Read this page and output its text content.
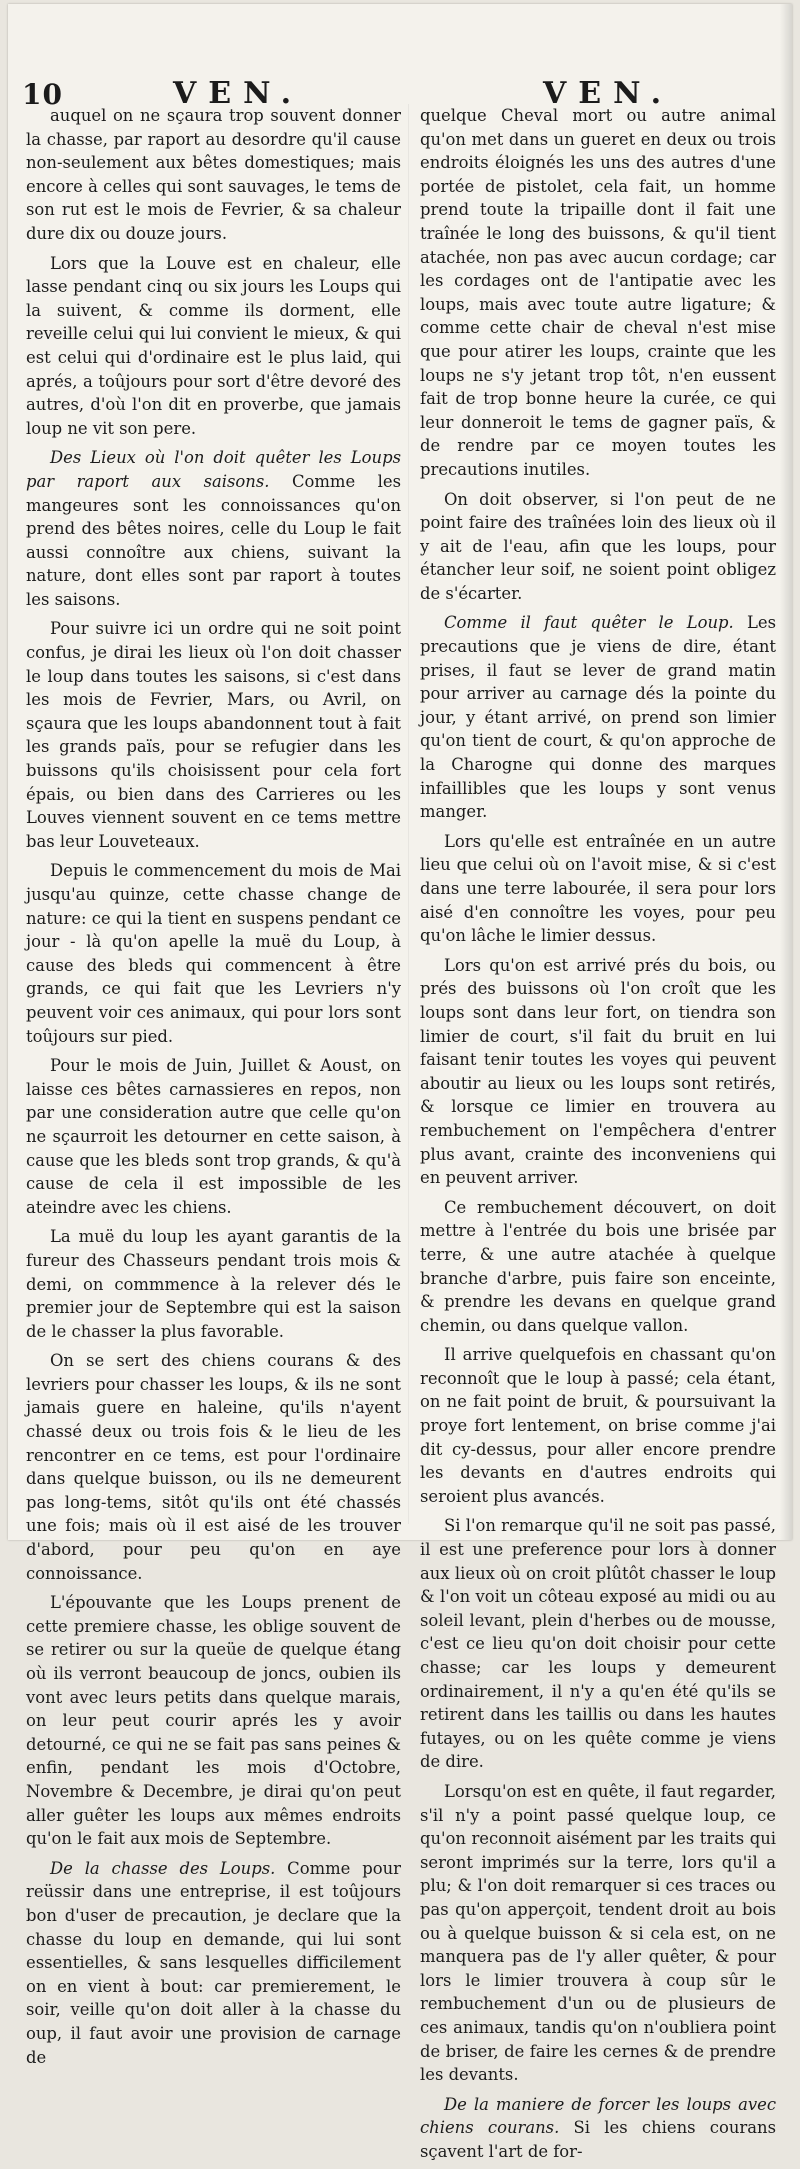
10	VEN.	VEN.

auquel on ne sçaura trop souvent donner la chasse, par raport au desordre qu'il cause non-seulement aux bêtes domestiques; mais encore à celles qui sont sauvages, le tems de son rut est le mois de Fevrier, & sa chaleur dure dix ou douze jours.

Lors que la Louve est en chaleur, elle lasse pendant cinq ou six jours les Loups qui la suivent, & comme ils dorment, elle reveille celui qui lui convient le mieux, & qui est celui qui d'ordinaire est le plus laid, qui aprés, a toûjours pour sort d'être devoré des autres, d'où l'on dit en proverbe, que jamais loup ne vit son pere.

Des Lieux où l'on doit quêter les Loups par raport aux saisons. Comme les mangeures sont les connoissances qu'on prend des bêtes noires, celle du Loup le fait aussi connoître aux chiens, suivant la nature, dont elles sont par raport à toutes les saisons.

Pour suivre ici un ordre qui ne soit point confus, je dirai les lieux où l'on doit chasser le loup dans toutes les saisons, si c'est dans les mois de Fevrier, Mars, ou Avril, on sçaura que les loups abandonnent tout à fait les grands païs, pour se refugier dans les buissons qu'ils choisissent pour cela fort épais, ou bien dans des Carrieres ou les Louves viennent souvent en ce tems mettre bas leur Louveteaux.

Depuis le commencement du mois de Mai jusqu'au quinze, cette chasse change de nature: ce qui la tient en suspens pendant ce jour - là qu'on apelle la muë du Loup, à cause des bleds qui commencent à être grands, ce qui fait que les Levriers n'y peuvent voir ces animaux, qui pour lors sont toûjours sur pied.

Pour le mois de Juin, Juillet & Aoust, on laisse ces bêtes carnassieres en repos, non par une consideration autre que celle qu'on ne sçaurroit les detourner en cette saison, à cause que les bleds sont trop grands, & qu'à cause de cela il est impossible de les ateindre avec les chiens.

La muë du loup les ayant garantis de la fureur des Chasseurs pendant trois mois & demi, on commmence à la relever dés le premier jour de Septembre qui est la saison de le chasser la plus favorable.

On se sert des chiens courans & des levriers pour chasser les loups, & ils ne sont jamais guere en haleine, qu'ils n'ayent chassé deux ou trois fois & le lieu de les rencontrer en ce tems, est pour l'ordinaire dans quelque buisson, ou ils ne demeurent pas long-tems, sitôt qu'ils ont été chassés une fois; mais où il est aisé de les trouver d'abord, pour peu qu'on en aye connoissance.

L'épouvante que les Loups prenent de cette premiere chasse, les oblige souvent de se retirer ou sur la queüe de quelque étang où ils verront beaucoup de joncs, oubien ils vont avec leurs petits dans quelque marais, on leur peut courir aprés les y avoir detourné, ce qui ne se fait pas sans peines & enfin, pendant les mois d'Octobre, Novembre & Decembre, je dirai qu'on peut aller guêter les loups aux mêmes endroits qu'on le fait aux mois de Septembre.

De la chasse des Loups. Comme pour reüssir dans une entreprise, il est toûjours bon d'user de precaution, je declare que la chasse du loup en demande, qui lui sont essentielles, & sans lesquelles difficilement on en vient à bout: car premierement, le soir, veille qu'on doit aller à la chasse du oup, il faut avoir une provision de carnage de

quelque Cheval mort ou autre animal qu'on met dans un gueret en deux ou trois endroits éloignés les uns des autres d'une portée de pistolet, cela fait, un homme prend toute la tripaille dont il fait une traînée le long des buissons, & qu'il tient atachée, non pas avec aucun cordage; car les cordages ont de l'antipatie avec les loups, mais avec toute autre ligature; & comme cette chair de cheval n'est mise que pour atirer les loups, crainte que les loups ne s'y jetant trop tôt, n'en eussent fait de trop bonne heure la curée, ce qui leur donneroit le tems de gagner païs, & de rendre par ce moyen toutes les precautions inutiles.

On doit observer, si l'on peut de ne point faire des traînées loin des lieux où il y ait de l'eau, afin que les loups, pour étancher leur soif, ne soient point obligez de s'écarter.

Comme il faut quêter le Loup. Les precautions que je viens de dire, étant prises, il faut se lever de grand matin pour arriver au carnage dés la pointe du jour, y étant arrivé, on prend son limier qu'on tient de court, & qu'on approche de la Charogne qui donne des marques infaillibles que les loups y sont venus manger.

Lors qu'elle est entraînée en un autre lieu que celui où on l'avoit mise, & si c'est dans une terre labourée, il sera pour lors aisé d'en connoître les voyes, pour peu qu'on lâche le limier dessus.

Lors qu'on est arrivé prés du bois, ou prés des buissons où l'on croît que les loups sont dans leur fort, on tiendra son limier de court, s'il fait du bruit en lui faisant tenir toutes les voyes qui peuvent aboutir au lieux ou les loups sont retirés, & lorsque ce limier en trouvera au rembuchement on l'empêchera d'entrer plus avant, crainte des inconveniens qui en peuvent arriver.

Ce rembuchement découvert, on doit mettre à l'entrée du bois une brisée par terre, & une autre atachée à quelque branche d'arbre, puis faire son enceinte, & prendre les devans en quelque grand chemin, ou dans quelque vallon.

Il arrive quelquefois en chassant qu'on reconnoît que le loup à passé; cela étant, on ne fait point de bruit, & poursuivant la proye fort lentement, on brise comme j'ai dit cy-dessus, pour aller encore prendre les devants en d'autres endroits qui seroient plus avancés.

Si l'on remarque qu'il ne soit pas passé, il est une preference pour lors à donner aux lieux où on croit plûtôt chasser le loup & l'on voit un côteau exposé au midi ou au soleil levant, plein d'herbes ou de mousse, c'est ce lieu qu'on doit choisir pour cette chasse; car les loups y demeurent ordinairement, il n'y a qu'en été qu'ils se retirent dans les taillis ou dans les hautes futayes, ou on les quête comme je viens de dire.

Lorsqu'on est en quête, il faut regarder, s'il n'y a point passé quelque loup, ce qu'on reconnoit aisément par les traits qui seront imprimés sur la terre, lors qu'il a plu; & l'on doit remarquer si ces traces ou pas qu'on apperçoit, tendent droit au bois ou à quelque buisson & si cela est, on ne manquera pas de l'y aller quêter, & pour lors le limier trouvera à coup sûr le rembuchement d'un ou de plusieurs de ces animaux, tandis qu'on n'oubliera point de briser, de faire les cernes & de prendre les devants.

De la maniere de forcer les loups avec chiens courans. Si les chiens courans sçavent l'art de for-
